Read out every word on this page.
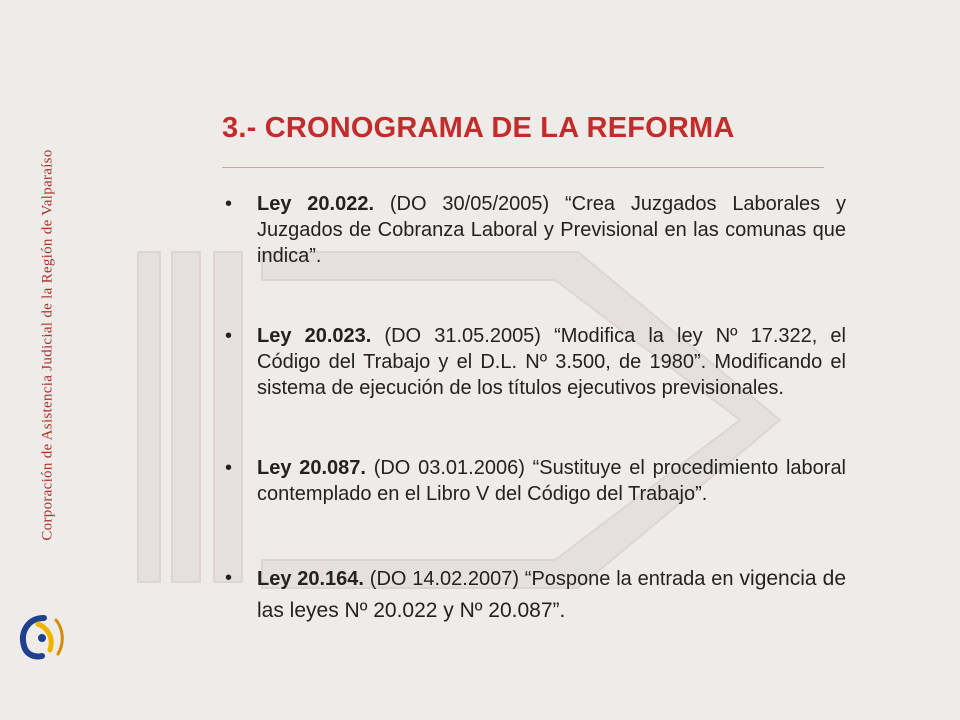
Corporación de Asistencia Judicial de la Región de Valparaíso
3.- CRONOGRAMA DE LA REFORMA
•	Ley 20.022. (DO 30/05/2005) “Crea Juzgados Laborales y Juzgados de Cobranza Laboral y Previsional en las comunas que indica”.
•	Ley 20.023. (DO 31.05.2005) “Modifica la ley Nº 17.322, el Código del Trabajo y el D.L. Nº 3.500, de 1980”. Modificando el sistema de ejecución de los títulos ejecutivos previsionales.
•	Ley 20.087. (DO 03.01.2006) “Sustituye el procedimiento laboral contemplado en el Libro V del Código del Trabajo”.
•	Ley 20.164. (DO 14.02.2007) “Pospone la entrada en vigencia de las leyes Nº 20.022 y Nº 20.087”.
